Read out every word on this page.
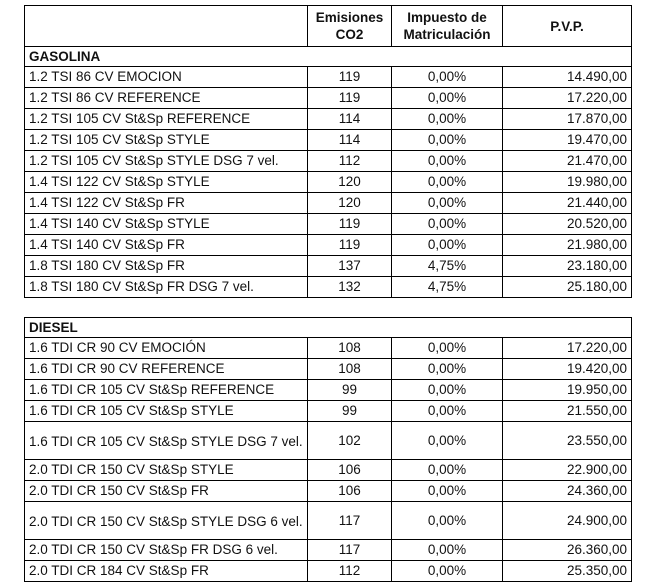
	Emisiones CO2	Impuesto de Matriculación	P.V.P.
GASOLINA			
1.2 TSI 86 CV EMOCION	119	0,00%	14.490,00
1.2 TSI 86 CV REFERENCE	119	0,00%	17.220,00
1.2 TSI 105 CV St&Sp REFERENCE	114	0,00%	17.870,00
1.2 TSI 105 CV St&Sp STYLE	114	0,00%	19.470,00
1.2 TSI 105 CV St&Sp STYLE DSG 7 vel.	112	0,00%	21.470,00
1.4 TSI 122 CV St&Sp STYLE	120	0,00%	19.980,00
1.4 TSI 122 CV St&Sp FR	120	0,00%	21.440,00
1.4 TSI 140 CV St&Sp STYLE	119	0,00%	20.520,00
1.4 TSI 140 CV St&Sp FR	119	0,00%	21.980,00
1.8 TSI 180 CV St&Sp FR	137	4,75%	23.180,00
1.8 TSI 180 CV St&Sp FR DSG 7 vel.	132	4,75%	25.180,00
DIESEL			
1.6 TDI CR 90 CV EMOCIÓN	108	0,00%	17.220,00
1.6 TDI CR 90 CV REFERENCE	108	0,00%	19.420,00
1.6 TDI CR 105 CV St&Sp REFERENCE	99	0,00%	19.950,00
1.6 TDI CR 105 CV St&Sp STYLE	99	0,00%	21.550,00
1.6 TDI CR 105 CV St&Sp STYLE DSG 7 vel.	102	0,00%	23.550,00
2.0 TDI CR 150 CV St&Sp STYLE	106	0,00%	22.900,00
2.0 TDI CR 150 CV St&Sp FR	106	0,00%	24.360,00
2.0 TDI CR 150 CV St&Sp STYLE DSG 6 vel.	117	0,00%	24.900,00
2.0 TDI CR 150 CV St&Sp FR DSG 6 vel.	117	0,00%	26.360,00
2.0 TDI CR 184 CV St&Sp FR	112	0,00%	25.350,00
